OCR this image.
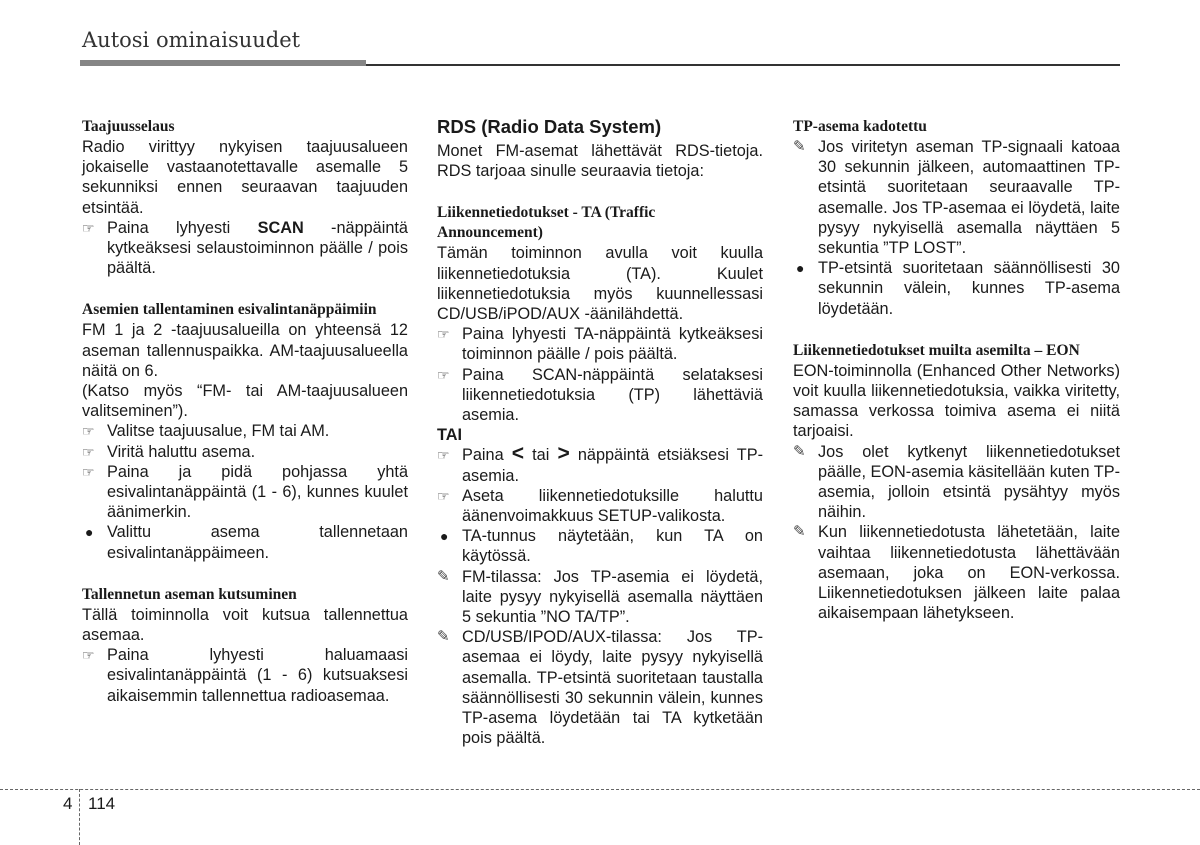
Autosi ominaisuudet
Taajuusselaus

Radio virittyy nykyisen taajuusalueen jokaiselle vastaanotettavalle asemalle 5 sekunniksi ennen seuraavan taajuuden etsintää.

☞ Paina lyhyesti SCAN -näppäintä kytkeäksesi selaustoiminnon päälle / pois päältä.
Asemien tallentaminen esivalintanäppäimiin

FM 1 ja 2 -taajuusalueilla on yhteensä 12 aseman tallennuspaikka. AM-taajuusalueella näitä on 6.

(Katso myös “FM- tai AM-taajuusalueen valitseminen”).

☞ Valitse taajuusalue, FM tai AM.
☞ Viritä haluttu asema.
☞ Paina ja pidä pohjassa yhtä esivalintanäppäintä (1 - 6), kunnes kuulet äänimerkin.
● Valittu asema tallennetaan esivalintanäppäimeen.
Tallennetun aseman kutsuminen

Tällä toiminnolla voit kutsua tallennettua asemaa.

☞ Paina lyhyesti haluamaasi esivalintanäppäintä (1 - 6) kutsuaksesi aikaisemmin tallennettua radioasemaa.
RDS (Radio Data System)

Monet FM-asemat lähettävät RDS-tietoja. RDS tarjoaa sinulle seuraavia tietoja:

Liikennetiedotukset - TA (Traffic Announcement)

Tämän toiminnon avulla voit kuulla liikennetiedotuksia (TA). Kuulet liikennetiedotuksia myös kuunnellessasi CD/USB/iPOD/AUX -äänilähdettä.

☞ Paina lyhyesti TA-näppäintä kytkeäksesi toiminnon päälle / pois päältä.
☞ Paina SCAN-näppäintä selataksesi liikennetiedotuksia (TP) lähettäviä asemia.

TAI

☞ Paina < tai > näppäintä etsiäksesi TP-asemia.
☞ Aseta liikennetiedotuksille haluttu äänenvoimakkuus SETUP-valikosta.
● TA-tunnus näytetään, kun TA on käytössä.
✎ FM-tilassa: Jos TP-asemia ei löydetä, laite pysyy nykyisellä asemalla näyttäen 5 sekuntia ”NO TA/TP”.
✎ CD/USB/IPOD/AUX-tilassa: Jos TP-asemaa ei löydy, laite pysyy nykyisellä asemalla. TP-etsintä suoritetaan taustalla säännöllisesti 30 sekunnin välein, kunnes TP-asema löydetään tai TA kytketään pois päältä.
TP-asema kadotettu
✎ Jos viritetyn aseman TP-signaali katoaa 30 sekunnin jälkeen, automaattinen TP-etsintä suoritetaan seuraavalle TP-asemalle. Jos TP-asemaa ei löydetä, laite pysyy nykyisellä asemalla näyttäen 5 sekuntia ”TP LOST”.
● TP-etsintä suoritetaan säännöllisesti 30 sekunnin välein, kunnes TP-asema löydetään.
Liikennetiedotukset muilta asemilta – EON

EON-toiminnolla (Enhanced Other Networks) voit kuulla liikennetiedotuksia, vaikka viritetty, samassa verkossa toimiva asema ei niitä tarjoaisi.

✎ Jos olet kytkenyt liikennetiedotukset päälle, EON-asemia käsitellään kuten TP-asemia, jolloin etsintä pysähtyy myös näihin.
✎ Kun liikennetiedotusta lähetetään, laite vaihtaa liikennetiedotusta lähettävään asemaan, joka on EON-verkossa. Liikennetiedotuksen jälkeen laite palaa aikaisempaan lähetykseen.
4 114
